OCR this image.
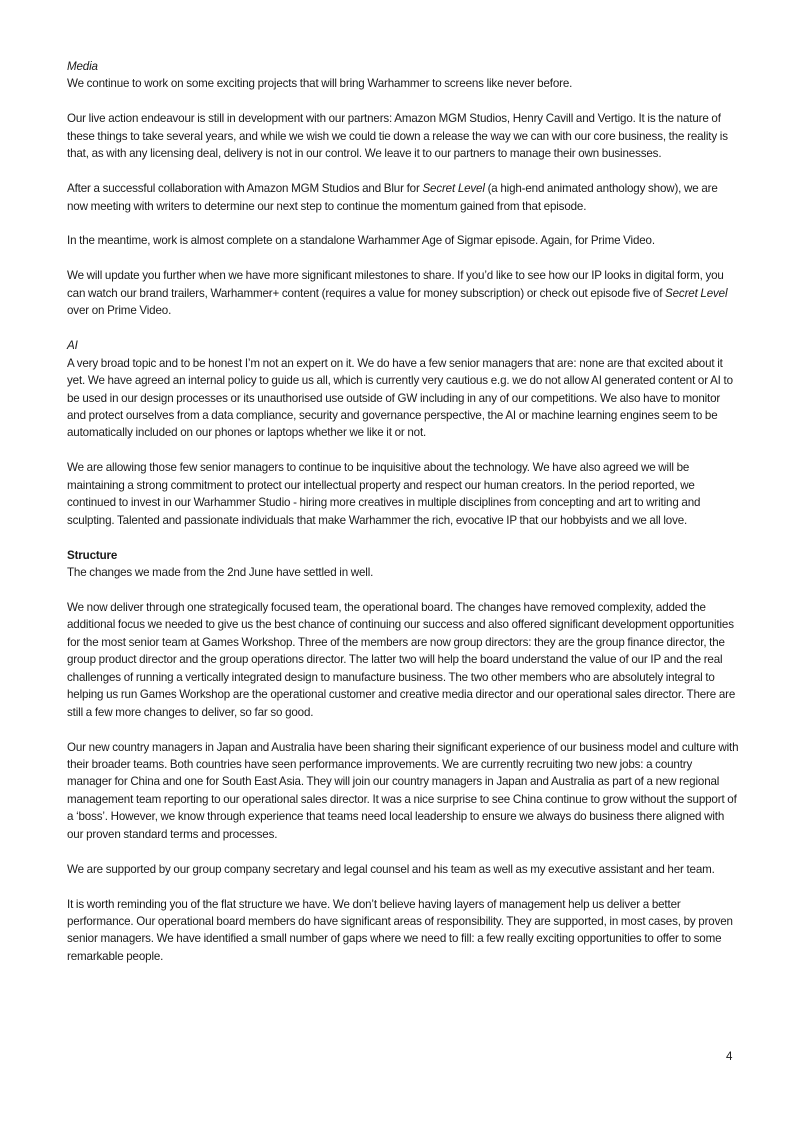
Media

We continue to work on some exciting projects that will bring Warhammer to screens like never before.

Our live action endeavour is still in development with our partners: Amazon MGM Studios, Henry Cavill and Vertigo. It is the nature of these things to take several years, and while we wish we could tie down a release the way we can with our core business, the reality is that, as with any licensing deal, delivery is not in our control. We leave it to our partners to manage their own businesses.

After a successful collaboration with Amazon MGM Studios and Blur for Secret Level (a high-end animated anthology show), we are now meeting with writers to determine our next step to continue the momentum gained from that episode.

In the meantime, work is almost complete on a standalone Warhammer Age of Sigmar episode. Again, for Prime Video.

We will update you further when we have more significant milestones to share. If you’d like to see how our IP looks in digital form, you can watch our brand trailers, Warhammer+ content (requires a value for money subscription) or check out episode five of Secret Level over on Prime Video.

AI

A very broad topic and to be honest I’m not an expert on it. We do have a few senior managers that are: none are that excited about it yet. We have agreed an internal policy to guide us all, which is currently very cautious e.g. we do not allow AI generated content or AI to be used in our design processes or its unauthorised use outside of GW including in any of our competitions. We also have to monitor and protect ourselves from a data compliance, security and governance perspective, the AI or machine learning engines seem to be automatically included on our phones or laptops whether we like it or not.

We are allowing those few senior managers to continue to be inquisitive about the technology. We have also agreed we will be maintaining a strong commitment to protect our intellectual property and respect our human creators. In the period reported, we continued to invest in our Warhammer Studio - hiring more creatives in multiple disciplines from concepting and art to writing and sculpting. Talented and passionate individuals that make Warhammer the rich, evocative IP that our hobbyists and we all love.

Structure

The changes we made from the 2nd June have settled in well.

We now deliver through one strategically focused team, the operational board. The changes have removed complexity, added the additional focus we needed to give us the best chance of continuing our success and also offered significant development opportunities for the most senior team at Games Workshop. Three of the members are now group directors: they are the group finance director, the group product director and the group operations director. The latter two will help the board understand the value of our IP and the real challenges of running a vertically integrated design to manufacture business. The two other members who are absolutely integral to helping us run Games Workshop are the operational customer and creative media director and our operational sales director. There are still a few more changes to deliver, so far so good.

Our new country managers in Japan and Australia have been sharing their significant experience of our business model and culture with their broader teams. Both countries have seen performance improvements. We are currently recruiting two new jobs: a country manager for China and one for South East Asia. They will join our country managers in Japan and Australia as part of a new regional management team reporting to our operational sales director. It was a nice surprise to see China continue to grow without the support of a ‘boss’. However, we know through experience that teams need local leadership to ensure we always do business there aligned with our proven standard terms and processes.

We are supported by our group company secretary and legal counsel and his team as well as my executive assistant and her team.

It is worth reminding you of the flat structure we have. We don’t believe having layers of management help us deliver a better performance. Our operational board members do have significant areas of responsibility. They are supported, in most cases, by proven senior managers. We have identified a small number of gaps where we need to fill: a few really exciting opportunities to offer to some remarkable people.

4
